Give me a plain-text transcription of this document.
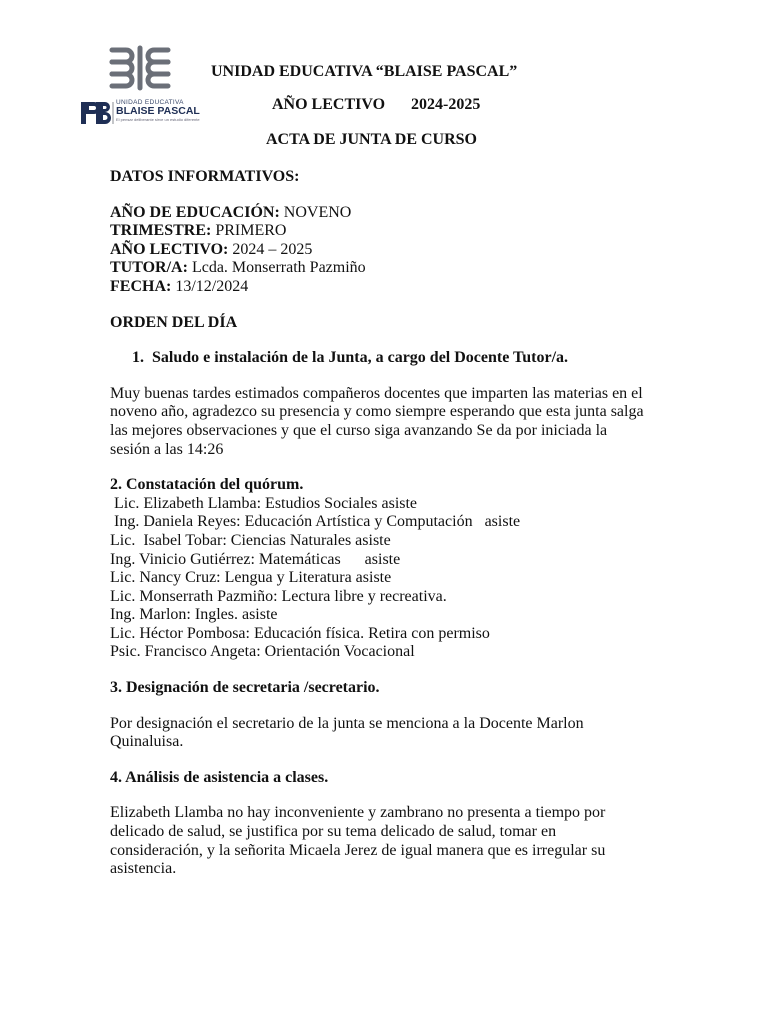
UNIDAD EDUCATIVA
BLAISE PASCAL
El pensar deliberante sirve un estudio diferente
UNIDAD EDUCATIVA “BLAISE PASCAL”
AÑO LECTIVO 2024-2025
ACTA DE JUNTA DE CURSO
DATOS INFORMATIVOS:
AÑO DE EDUCACIÓN: NOVENO
TRIMESTRE: PRIMERO
AÑO LECTIVO: 2024 – 2025
TUTOR/A: Lcda. Monserrath Pazmiño
FECHA: 13/12/2024
ORDEN DEL DÍA
1. Saludo e instalación de la Junta, a cargo del Docente Tutor/a.

Muy buenas tardes estimados compañeros docentes que imparten las materias en el noveno año, agradezco su presencia y como siempre esperando que esta junta salga las mejores observaciones y que el curso siga avanzando Se da por iniciada la sesión a las 14:26

2. Constatación del quórum.
Lic. Elizabeth Llamba: Estudios Sociales asiste
Ing. Daniela Reyes: Educación Artística y Computación   asiste
Lic.  Isabel Tobar: Ciencias Naturales asiste
Ing. Vinicio Gutiérrez: Matemáticas      asiste
Lic. Nancy Cruz: Lengua y Literatura asiste
Lic. Monserrath Pazmiño: Lectura libre y recreativa.
Ing. Marlon: Ingles. asiste
Lic. Héctor Pombosa: Educación física. Retira con permiso
Psic. Francisco Angeta: Orientación Vocacional
3. Designación de secretaria /secretario.

Por designación el secretario de la junta se menciona a la Docente Marlon Quinaluisa.

4. Análisis de asistencia a clases.

Elizabeth Llamba no hay inconveniente y zambrano no presenta a tiempo por delicado de salud, se justifica por su tema delicado de salud, tomar en consideración, y la señorita Micaela Jerez de igual manera que es irregular su asistencia.
